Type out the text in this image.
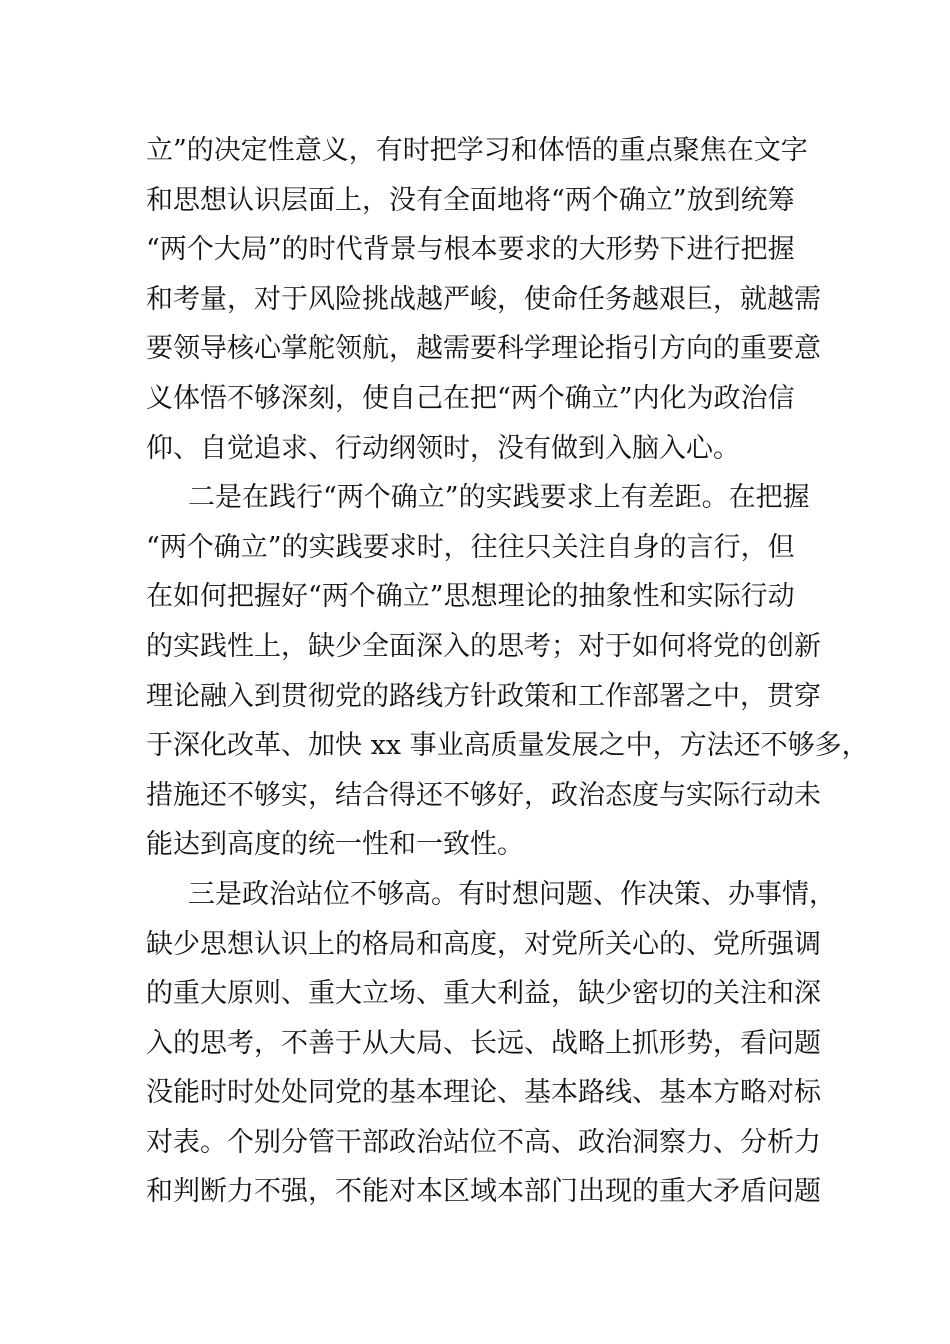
立”的决定性意义，有时把学习和体悟的重点聚焦在文字
和思想认识层面上，没有全面地将“两个确立”放到统筹
“两个大局”的时代背景与根本要求的大形势下进行把握
和考量，对于风险挑战越严峻，使命任务越艰巨，就越需
要领导核心掌舵领航，越需要科学理论指引方向的重要意
义体悟不够深刻，使自己在把“两个确立”内化为政治信
仰、自觉追求、行动纲领时，没有做到入脑入心。
二是在践行“两个确立”的实践要求上有差距。在把握
“两个确立”的实践要求时，往往只关注自身的言行，但
在如何把握好“两个确立”思想理论的抽象性和实际行动
的实践性上，缺少全面深入的思考；对于如何将党的创新
理论融入到贯彻党的路线方针政策和工作部署之中，贯穿
于深化改革、加快 xx 事业高质量发展之中，方法还不够多，
措施还不够实，结合得还不够好，政治态度与实际行动未
能达到高度的统一性和一致性。
三是政治站位不够高。有时想问题、作决策、办事情，
缺少思想认识上的格局和高度，对党所关心的、党所强调
的重大原则、重大立场、重大利益，缺少密切的关注和深
入的思考，不善于从大局、长远、战略上抓形势，看问题
没能时时处处同党的基本理论、基本路线、基本方略对标
对表。个别分管干部政治站位不高、政治洞察力、分析力
和判断力不强，不能对本区域本部门出现的重大矛盾问题
